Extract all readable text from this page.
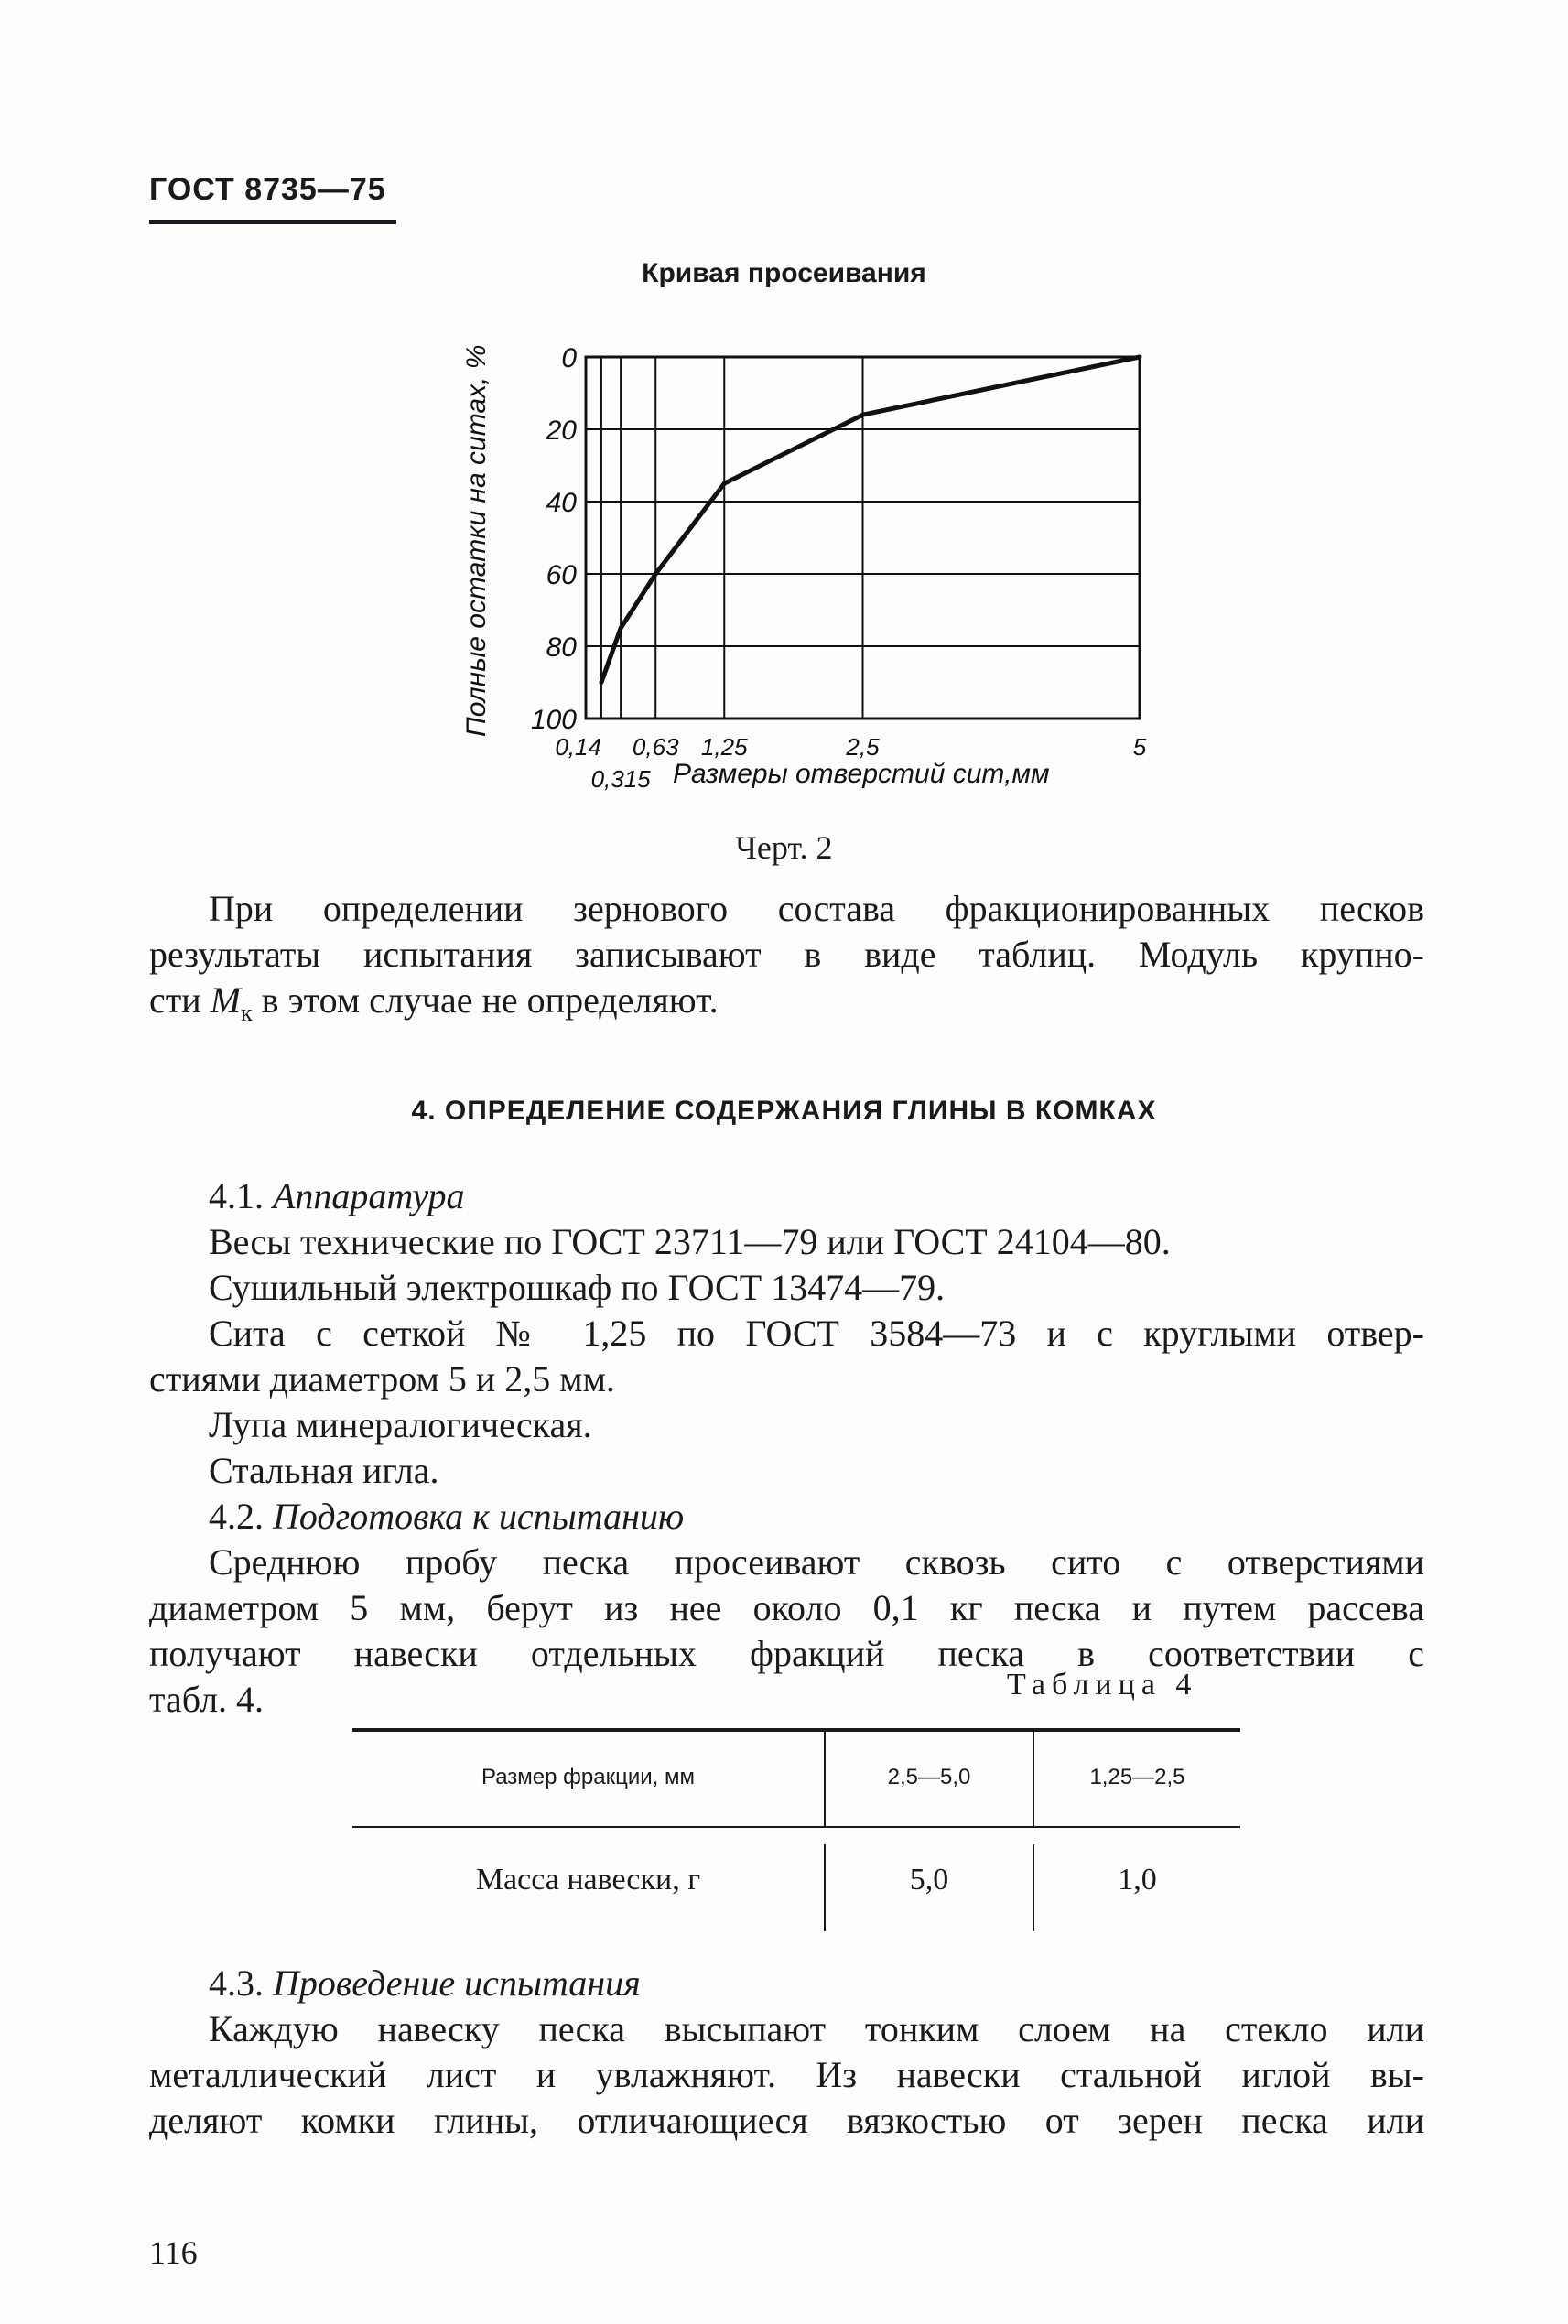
ГОСТ 8735—75
Кривая просеивания
0
20
40
60
80
100
0,14
0,315
0,63 1,25	2,5	5
Полные остатки на ситах, %
Размеры отверстий сит,мм
Черт. 2
При определении зернового состава фракционированных песков
результаты испытания записывают в виде таблиц. Модуль крупно-
сти $М_к$ в этом случае не определяют.
4. ОПРЕДЕЛЕНИЕ СОДЕРЖАНИЯ ГЛИНЫ В КОМКАХ
4.1. Аппаратура
Весы технические по ГОСТ 23711—79 или ГОСТ 24104—80.
Сушильный электрошкаф по ГОСТ 13474—79.
Сита с сеткой № 1,25 по ГОСТ 3584—73 и с круглыми отвер-
стиями диаметром 5 и 2,5 мм.
Лупа минералогическая.
Стальная игла.
4.2. Подготовка к испытанию
Среднюю пробу песка просеивают сквозь сито с отверстиями
диаметром 5 мм, берут из нее около 0,1 кг песка и путем рассева
получают навески отдельных фракций песка в соответствии с
табл. 4.	Таблица 4
Размер фракции, мм	2,5—5,0	1,25—2,5
Масса навески, г	5,0	1,0
4.3. Проведение испытания
Каждую навеску песка высыпают тонким слоем на стекло или
металлический лист и увлажняют. Из навески стальной иглой вы-
деляют комки глины, отличающиеся вязкостью от зерен песка или
116
